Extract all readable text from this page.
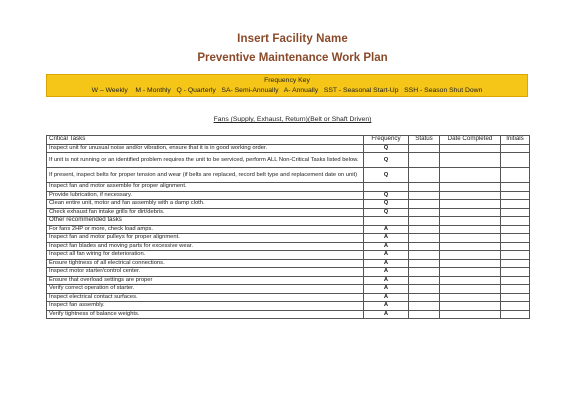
Insert Facility Name
Preventive Maintenance Work Plan
Frequency Key
W – Weekly    M - Monthly   Q - Quarterly   SA- Semi-Annually   A- Annually   SST - Seasonal Start-Up   SSH - Season Shut Down
Fans (Supply, Exhaust, Return)(Belt or Shaft Driven)
Critical Tasks	Frequency	Status	Date Completed	Initials
Inspect unit for unusual noise and/or vibration, ensure that it is in good working order.	Q			
If unit is not running or an identified problem requires the unit to be serviced, perform ALL Non-Critical Tasks listed below.	Q			
If present, inspect belts for proper tension and wear (if belts are replaced, record belt type and replacement date on unit)	Q			
Inspect fan and motor assemble for proper alignment.				
Provide lubrication, if necessary.	Q			
Clean entire unit, motor and fan assembly with a damp cloth.	Q			
Check exhaust fan intake grills for dirt/debris.	Q			
Other recommended tasks				
For fans 2HP or more, check load amps.	A			
Inspect fan and motor pulleys for proper alignment.	A			
Inspect fan blades and moving parts for excessive wear.	A			
Inspect all fan wiring for deterioration.	A			
Ensure tightness of all electrical connections.	A			
Inspect motor starter/control center.	A			
Ensure that overload settings are proper	A			
Verify correct operation of starter.	A			
Inspect electrical contact surfaces.	A			
Inspect fan assembly.	A			
Verify tightness of balance weights.	A			
